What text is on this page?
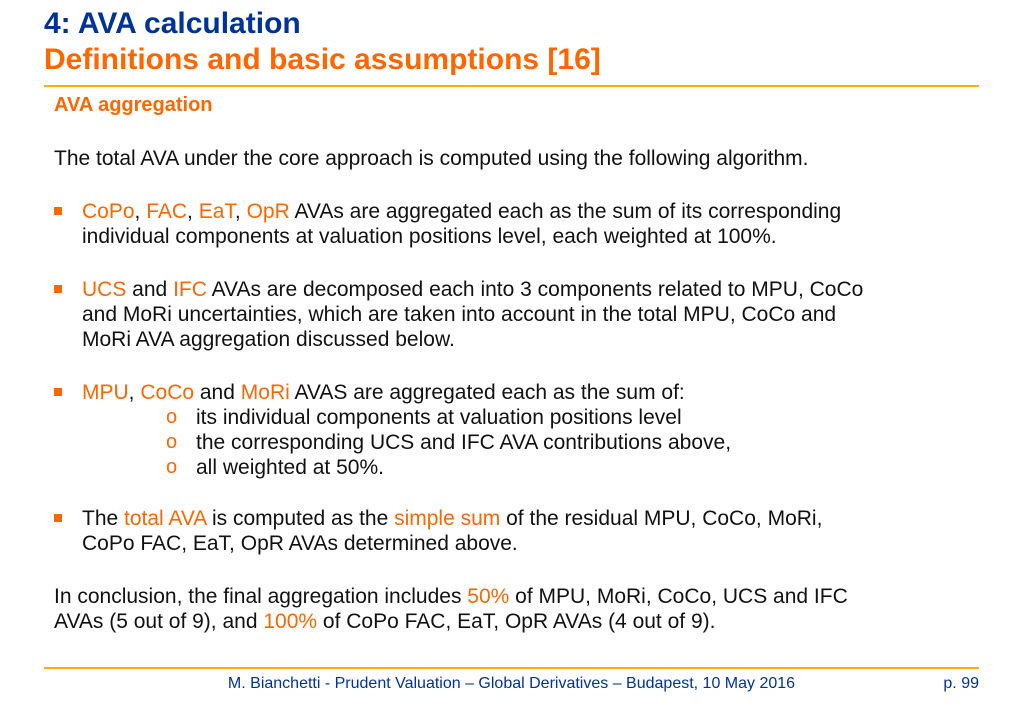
4: AVA calculation
Definitions and basic assumptions [16]
AVA aggregation
The total AVA under the core approach is computed using the following algorithm.
CoPo, FAC, EaT, OpR AVAs are aggregated each as the sum of its corresponding
individual components at valuation positions level, each weighted at 100%.
UCS and IFC AVAs are decomposed each into 3 components related to MPU, CoCo
and MoRi uncertainties, which are taken into account in the total MPU, CoCo and
MoRi AVA aggregation discussed below.
MPU, CoCo and MoRi AVAS are aggregated each as the sum of:
o its individual components at valuation positions level
o the corresponding UCS and IFC AVA contributions above,
o all weighted at 50%.
The total AVA is computed as the simple sum of the residual MPU, CoCo, MoRi,
CoPo FAC, EaT, OpR AVAs determined above.
In conclusion, the final aggregation includes 50% of MPU, MoRi, CoCo, UCS and IFC
AVAs (5 out of 9), and 100% of CoPo FAC, EaT, OpR AVAs (4 out of 9).
M. Bianchetti - Prudent Valuation – Global Derivatives – Budapest, 10 May 2016	p. 99
